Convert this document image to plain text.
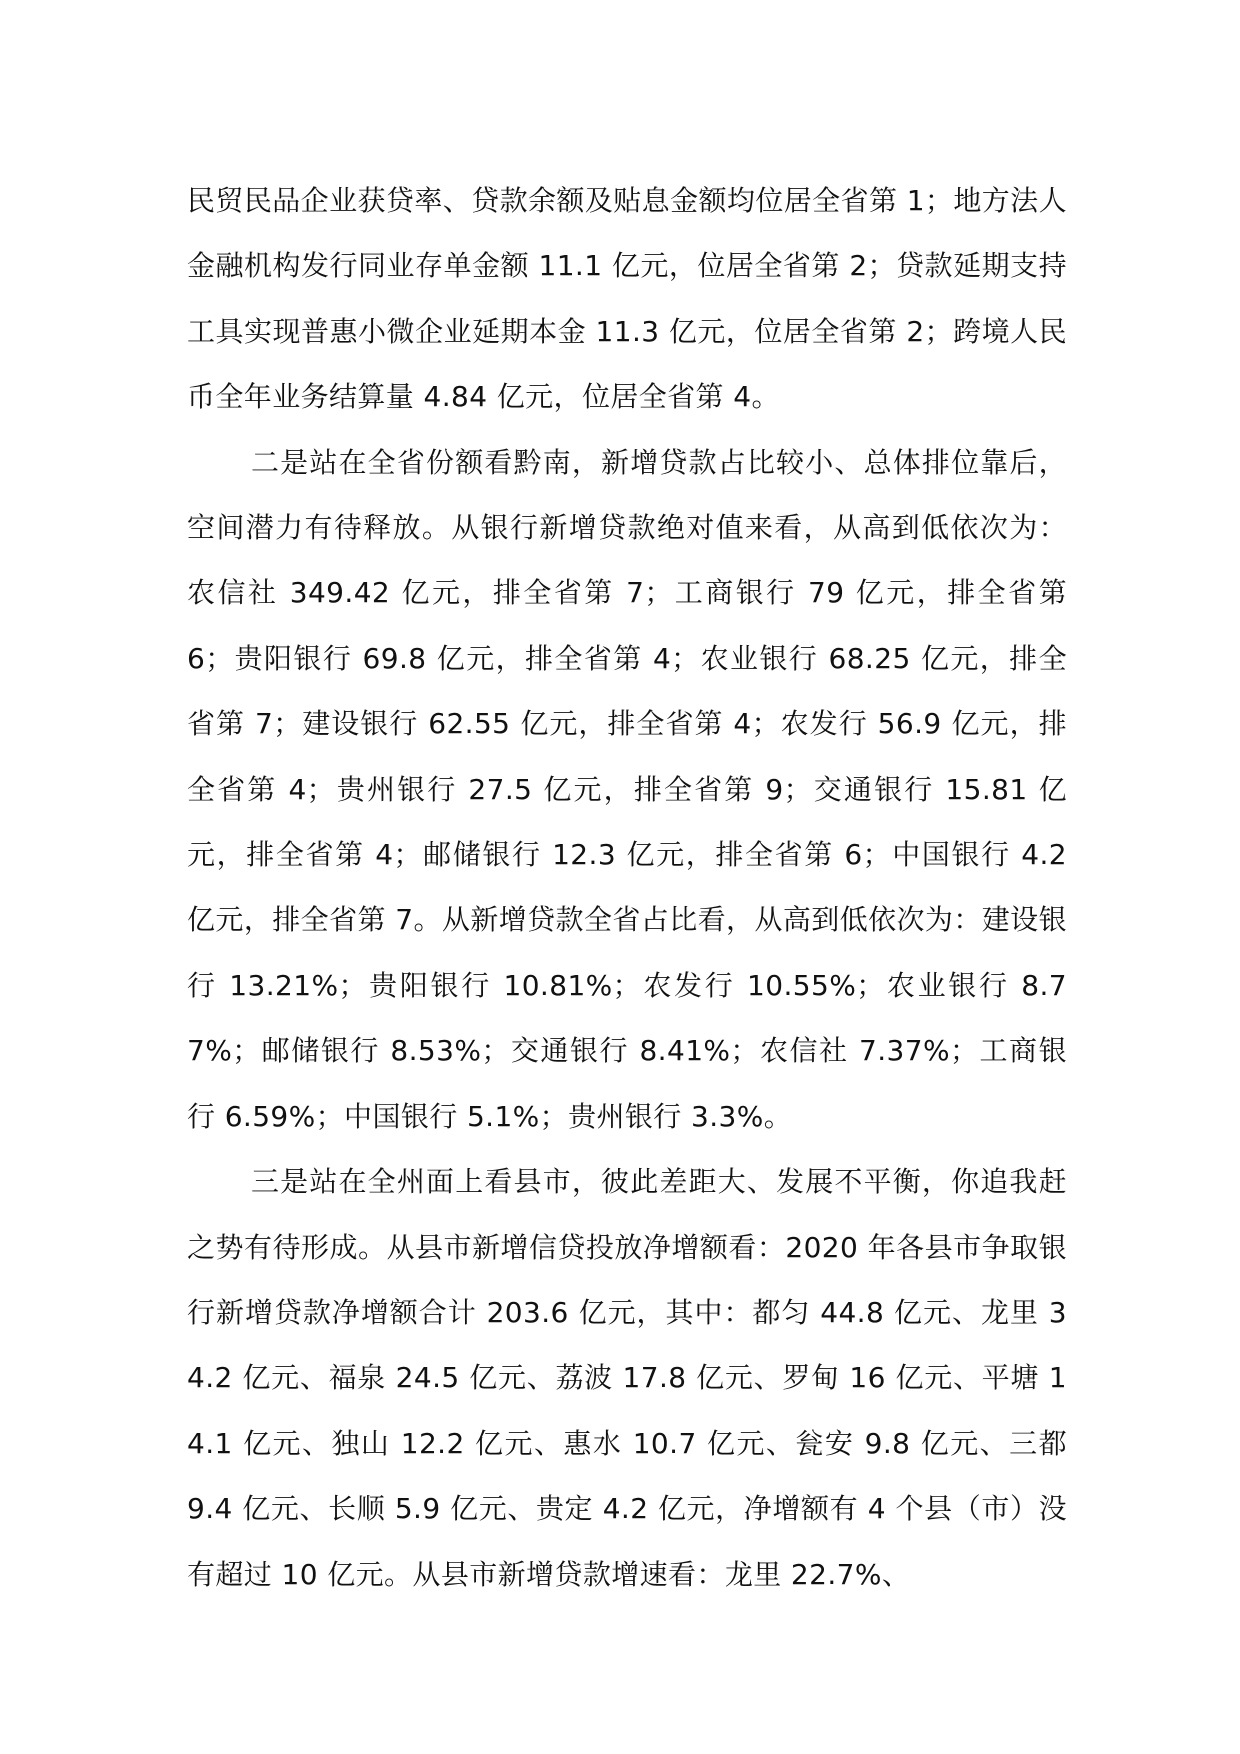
民贸民品企业获贷率、贷款余额及贴息金额均位居全省第 1；地方法人金融机构发行同业存单金额 11.1 亿元，位居全省第 2；贷款延期支持工具实现普惠小微企业延期本金 11.3 亿元，位居全省第 2；跨境人民币全年业务结算量 4.84 亿元，位居全省第 4。

二是站在全省份额看黔南，新增贷款占比较小、总体排位靠后，空间潜力有待释放。从银行新增贷款绝对值来看，从高到低依次为：农信社 349.42 亿元，排全省第 7；工商银行 79 亿元，排全省第 6；贵阳银行 69.8 亿元，排全省第 4；农业银行 68.25 亿元，排全省第 7；建设银行 62.55 亿元，排全省第 4；农发行 56.9 亿元，排全省第 4；贵州银行 27.5 亿元，排全省第 9；交通银行 15.81 亿元，排全省第 4；邮储银行 12.3 亿元，排全省第 6；中国银行 4.2 亿元，排全省第 7。从新增贷款全省占比看，从高到低依次为：建设银行 13.21%；贵阳银行 10.81%；农发行 10.55%；农业银行 8.77%；邮储银行 8.53%；交通银行 8.41%；农信社 7.37%；工商银行 6.59%；中国银行 5.1%；贵州银行 3.3%。

三是站在全州面上看县市，彼此差距大、发展不平衡，你追我赶之势有待形成。从县市新增信贷投放净增额看：2020 年各县市争取银行新增贷款净增额合计 203.6 亿元，其中：都匀 44.8 亿元、龙里 34.2 亿元、福泉 24.5 亿元、荔波 17.8 亿元、罗甸 16 亿元、平塘 14.1 亿元、独山 12.2 亿元、惠水 10.7 亿元、瓮安 9.8 亿元、三都 9.4 亿元、长顺 5.9 亿元、贵定 4.2 亿元，净增额有 4 个县（市）没有超过 10 亿元。从县市新增贷款增速看：龙里 22.7%、
